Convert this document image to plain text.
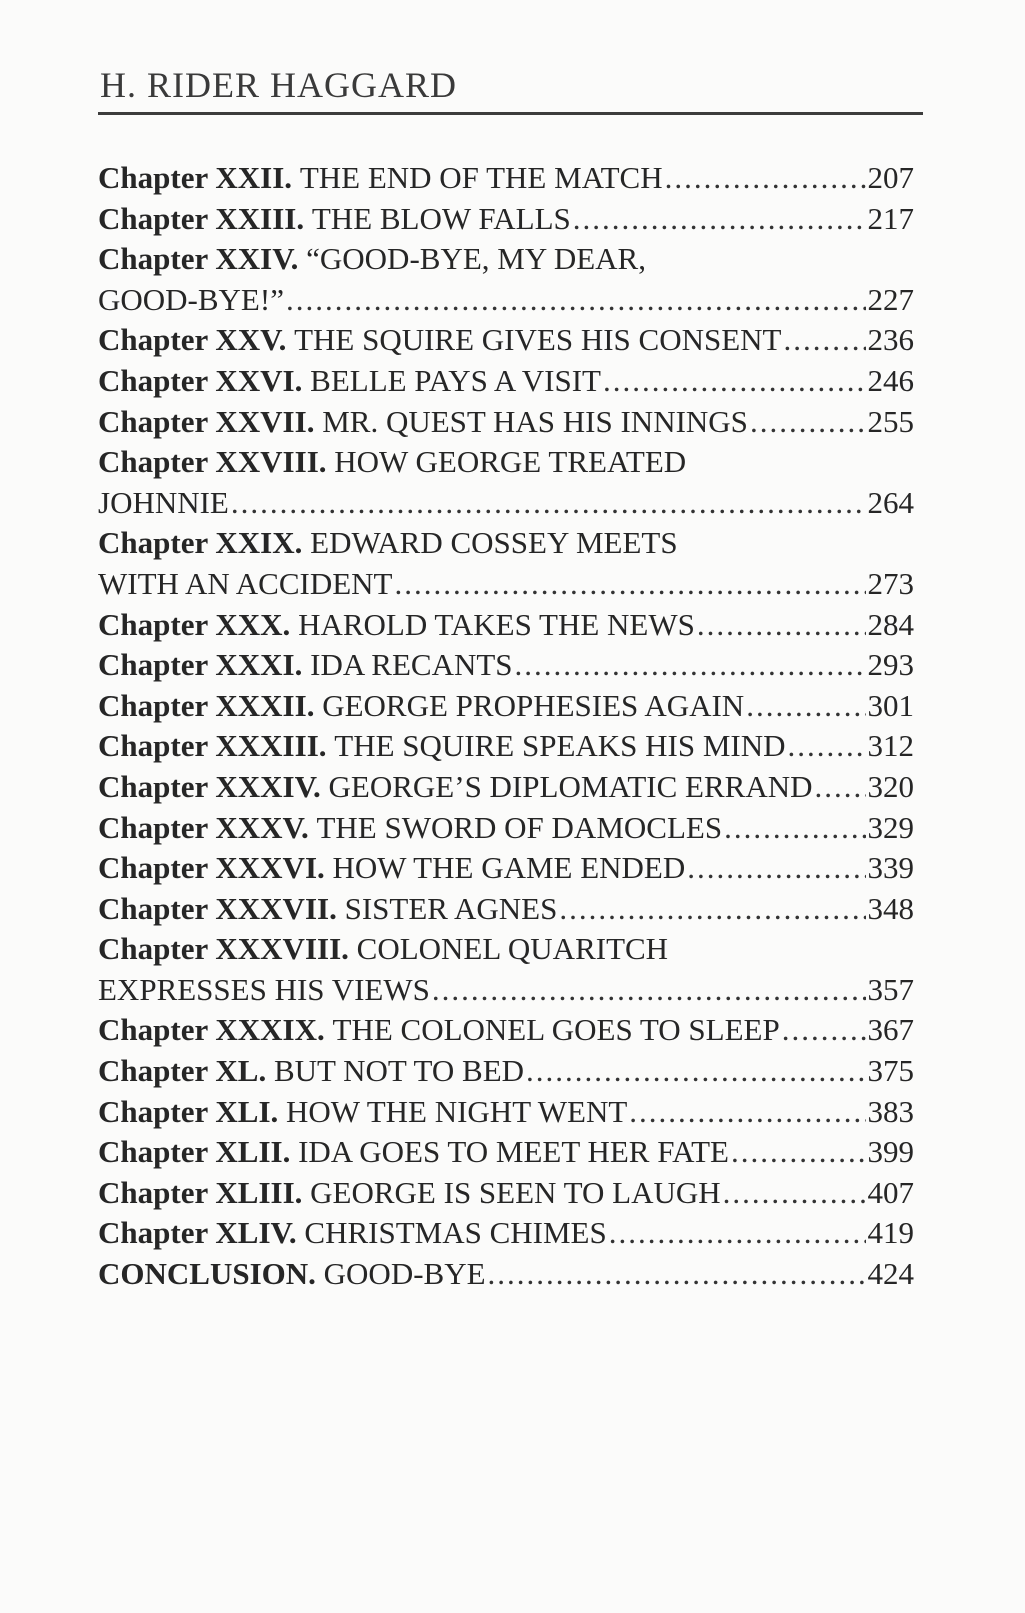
H. RIDER HAGGARD
Chapter XXII.
THE END OF THE MATCH .....	207
Chapter XXIII.
THE BLOW FALLS .....	217
Chapter XXIV.
“GOOD-BYE, MY DEAR,
GOOD-BYE!” .....	227
Chapter XXV.
THE SQUIRE GIVES HIS CONSENT .....	236
Chapter XXVI.
BELLE PAYS A VISIT .....	246
Chapter XXVII.
MR. QUEST HAS HIS INNINGS .....	255
Chapter XXVIII.
HOW GEORGE TREATED
JOHNNIE .....	264
Chapter XXIX.
EDWARD COSSEY MEETS
WITH AN ACCIDENT .....	273
Chapter XXX.
HAROLD TAKES THE NEWS .....	284
Chapter XXXI.
IDA RECANTS .....	293
Chapter XXXII.
GEORGE PROPHESIES AGAIN .....	301
Chapter XXXIII.
THE SQUIRE SPEAKS HIS MIND .....	312
Chapter XXXIV.
GEORGE’S DIPLOMATIC ERRAND ..... 320
Chapter XXXV.
THE SWORD OF DAMOCLES .....	329
Chapter XXXVI.
HOW THE GAME ENDED .....	339
Chapter XXXVII.
SISTER AGNES .....	348
Chapter XXXVIII.
COLONEL QUARITCH
EXPRESSES HIS VIEWS .....	357
Chapter XXXIX.
THE COLONEL GOES TO SLEEP .....	367
Chapter XL.
BUT NOT TO BED .....	375
Chapter XLI.
HOW THE NIGHT WENT .....	383
Chapter XLII.
IDA GOES TO MEET HER FATE .....	399
Chapter XLIII.
GEORGE IS SEEN TO LAUGH .....	407
Chapter XLIV.
CHRISTMAS CHIMES .....	419
CONCLUSION.
GOOD-BYE .....	424
